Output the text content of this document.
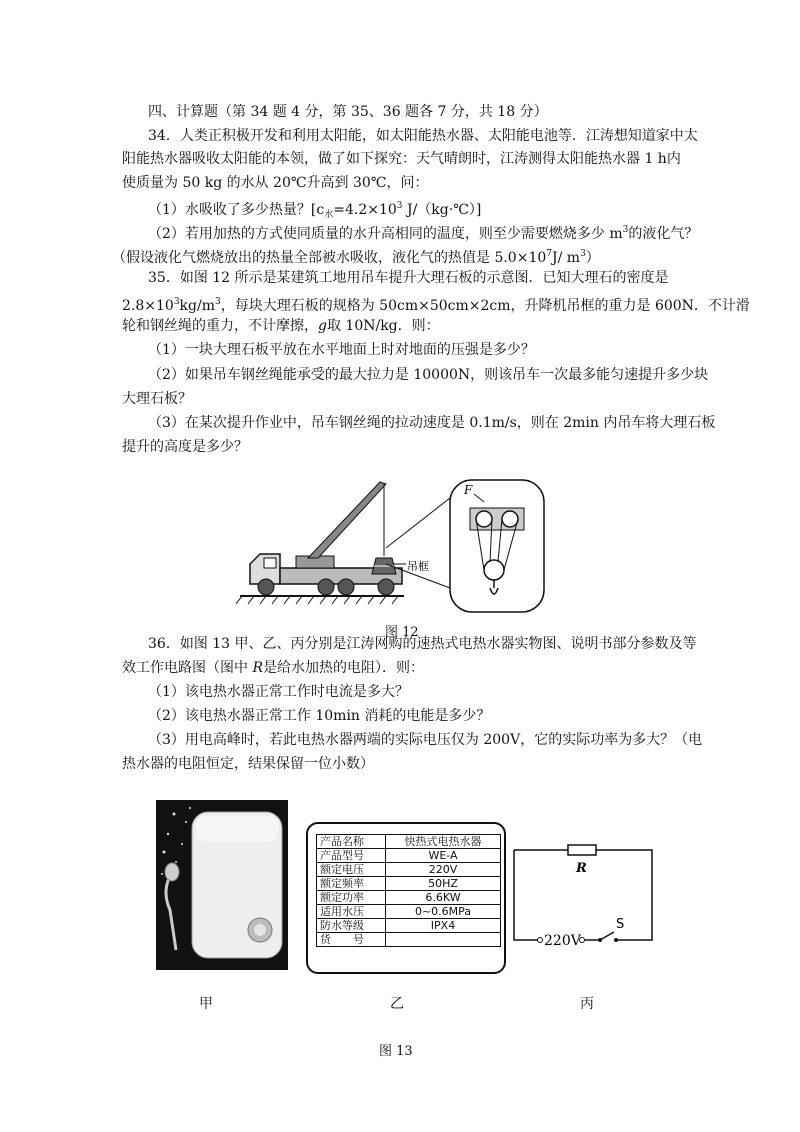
四、计算题（第 34 题 4 分，第 35、36 题各 7 分，共 18 分）
34．人类正积极开发和利用太阳能，如太阳能热水器、太阳能电池等．江涛想知道家中太
阳能热水器吸收太阳能的本领，做了如下探究：天气晴朗时，江涛测得太阳能热水器 1 h内
使质量为 50 kg 的水从 20℃升高到 30℃，问：
（1）水吸收了多少热量？[$c_水=4.2\times 10^3$ J/（kg·℃）]
（2）若用加热的方式使同质量的水升高相同的温度，则至少需要燃烧多少 $m^3$的液化气？
（假设液化气燃烧放出的热量全部被水吸收，液化气的热值是 $5.0\times 10^7J/$ $m^3$）
35．如图 12 所示是某建筑工地用吊车提升大理石板的示意图．已知大理石的密度是
$2.8\times 10^3kg/m^3$，每块大理石板的规格为 50cm×50cm×2cm，升降机吊框的重力是 600N．不计滑
轮和钢丝绳的重力，不计摩擦，g取 10N/kg．则：
（1）一块大理石板平放在水平地面上时对地面的压强是多少？
（2）如果吊车钢丝绳能承受的最大拉力是 10000N，则该吊车一次最多能匀速提升多少块
大理石板？
（3）在某次提升作业中，吊车钢丝绳的拉动速度是 0.1m/s，则在 2min 内吊车将大理石板
提升的高度是多少？
吊框
F
图 12
36．如图 13 甲、乙、丙分别是江涛网购的速热式电热水器实物图、说明书部分参数及等
效工作电路图（图中 R是给水加热的电阻）．则：
（1）该电热水器正常工作时电流是多大？
（2）该电热水器正常工作 10min 消耗的电能是多少？
（3）用电高峰时，若此电热水器两端的实际电压仅为 200V，它的实际功率为多大？（电
热水器的电阻恒定，结果保留一位小数）
产品名称	快热式电热水器
产品型号	WE-A
额定电压	220V
额定频率	50HZ
额定功率	6.6KW
适用水压	0~0.6MPa
防水等级	IPX4
货　　号	
R
220V
S
甲	乙	丙
图 13
